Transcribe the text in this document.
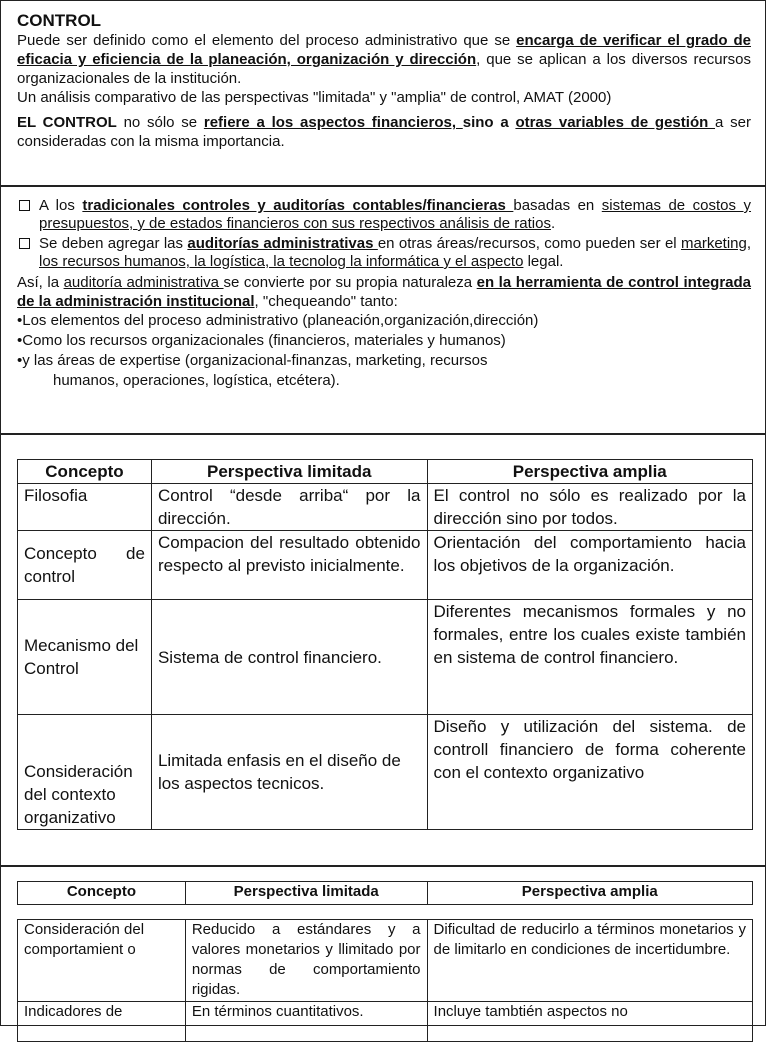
CONTROL

Puede ser definido como el elemento del proceso administrativo que se encarga de verificar el grado de eficacia y eficiencia de la planeación, organización y dirección, que se aplican a los diversos recursos organizacionales de la institución.

Un análisis comparativo de las perspectivas "limitada" y "amplia" de control, AMAT (2000)

EL CONTROL no sólo se refiere a los aspectos financieros, sino a otras variables de gestión a ser consideradas con la misma importancia.

A los tradicionales controles y auditorías contables/financieras basadas en sistemas de costos y presupuestos, y de estados financieros con sus respectivos análisis de ratios.
Se deben agregar las auditorías administrativas en otras áreas/recursos, como pueden ser el marketing, los recursos humanos, la logística, la tecnolog la informática y el aspecto legal.

Así, la auditoría administrativa se convierte por su propia naturaleza en la herramienta de control integrada de la administración institucional, "chequeando" tanto:

•Los elementos del proceso administrativo (planeación,organización,dirección)
•Como los recursos organizacionales (financieros, materiales y humanos)
•y las áreas de expertise (organizacional-finanzas, marketing, recursos
humanos, operaciones, logística, etcétera).
Concepto	Perspectiva limitada	Perspectiva amplia
Filosofia	Control “desde arriba“ por la dirección.	El control no sólo es realizado por la dirección sino por todos.
Concepto de control	Compacion del resultado obtenido respecto al previsto inicialmente.	Orientación del comportamiento hacia los objetivos de la organización.
Mecanismo del Control	Sistema de control financiero.	Diferentes mecanismos formales y no formales, entre los cuales existe también en sistema de control financiero.
Consideración del contexto organizativo	Limitada enfasis en el diseño de los aspectos tecnicos.	Diseño y utilización del sistema. de controll financiero de forma coherente con el contexto organizativo
Concepto	Perspectiva limitada	Perspectiva amplia

Consideración del comportamient o	Reducido a estándares y a valores monetarios y llimitado por normas de comportamiento rigidas.	Dificultad de reducirlo a términos monetarios y de limitarlo en condiciones de incertidumbre.
Indicadores de	En términos cuantitativos.	Incluye tambtién aspectos no
